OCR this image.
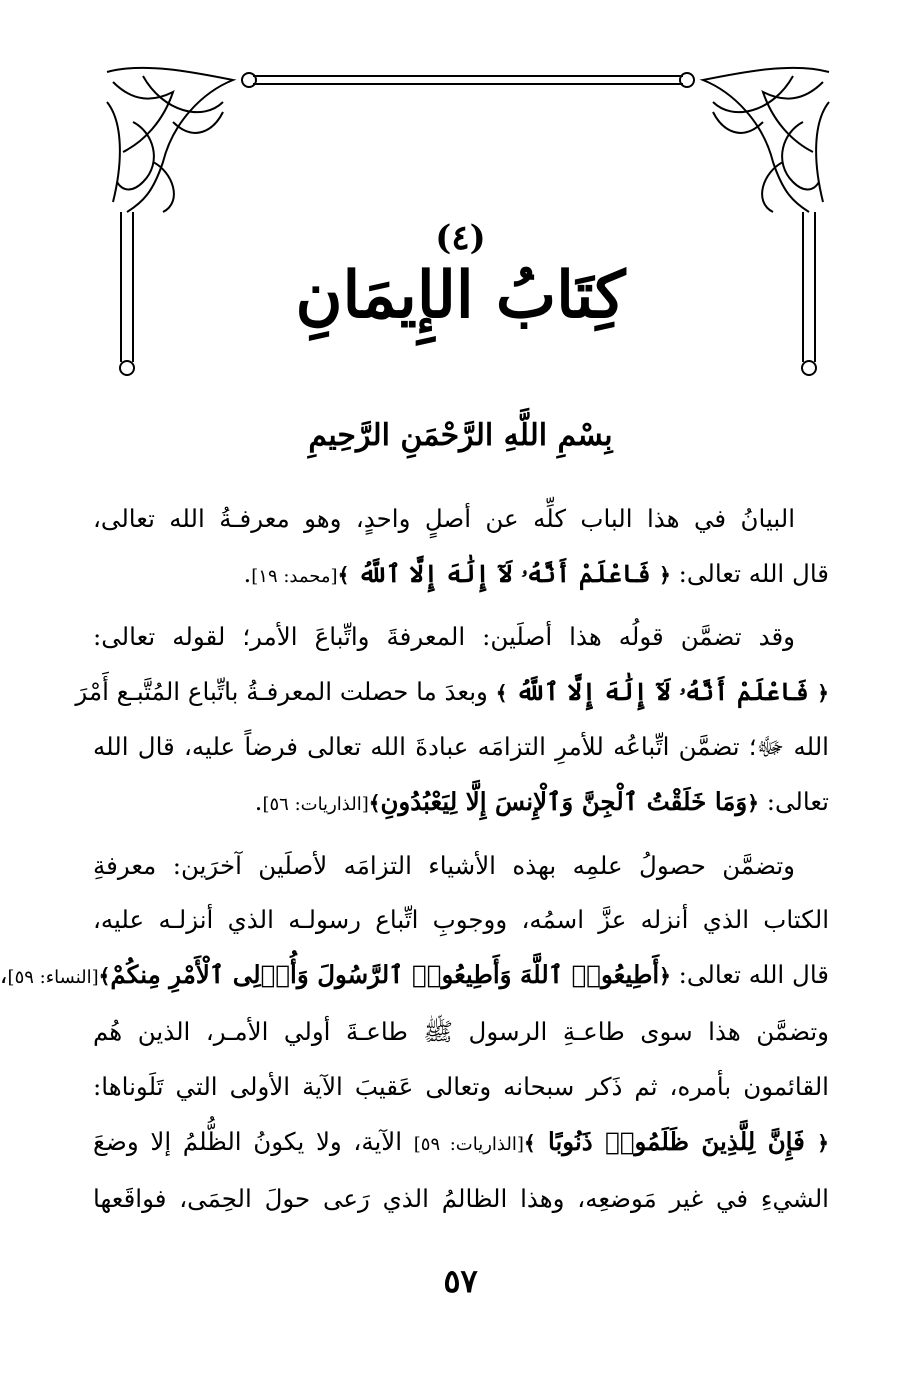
(٤)
كِتَابُ الإِيمَانِ
بِسْمِ اللَّهِ الرَّحْمَنِ الرَّحِيمِ
البيانُ في هذا الباب كلِّه عن أصلٍ واحدٍ، وهو معرفـةُ الله تعالى،
قال الله تعالى: ﴿ فَاعْلَمْ أَنَّهُۥ لَآ إِلَٰهَ إِلَّا ٱللَّهُ ﴾[محمد: ١٩].
وقد تضمَّن قولُه هذا أصلَين: المعرفةَ واتِّباعَ الأمر؛ لقوله تعالى:
﴿ فَاعْلَمْ أَنَّهُۥ لَآ إِلَٰهَ إِلَّا ٱللَّهُ ﴾ وبعدَ ما حصلت المعرفـةُ باتِّباع المُتَّبـع أَمْرَ
الله ﷻ؛ تضمَّن اتِّباعُه للأمرِ التزامَه عبادةَ الله تعالى فرضاً عليه، قال الله
تعالى: ﴿وَمَا خَلَقْتُ ٱلْجِنَّ وَٱلْإِنسَ إِلَّا لِيَعْبُدُونِ﴾[الذاريات: ٥٦].
وتضمَّن حصولُ علمِه بهذه الأشياء التزامَه لأصلَين آخرَين: معرفةِ
الكتاب الذي أنزله عزَّ اسمُه، ووجوبِ اتِّباع رسولـه الذي أنزلـه عليه،
قال الله تعالى: ﴿أَطِيعُوا۟ ٱللَّهَ وَأَطِيعُوا۟ ٱلرَّسُولَ وَأُو۟لِى ٱلْأَمْرِ مِنكُمْ﴾[النساء: ٥٩]،
وتضمَّن هذا سوى طاعـةِ الرسول ﷺ طاعـةَ أولي الأمـر، الذين هُم
القائمون بأمره، ثم ذَكر سبحانه وتعالى عَقيبَ الآية الأولى التي تَلَوناها:
﴿ فَإِنَّ لِلَّذِينَ ظَلَمُوا۟ ذَنُوبًا ﴾[الذاريات: ٥٩] الآية، ولا يكونُ الظُّلمُ إلا وضعَ
الشيءِ في غير مَوضعِه، وهذا الظالمُ الذي رَعى حولَ الحِمَى، فواقَعها
٥٧
